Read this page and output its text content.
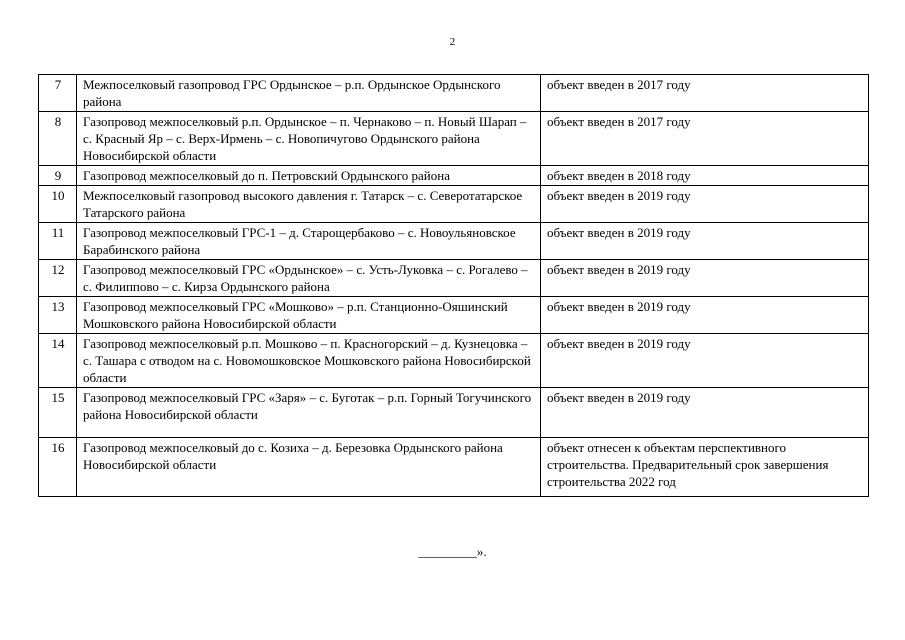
2
7	Межпоселковый газопровод ГРС Ордынское – р.п. Ордынское Ордынского района	объект введен в 2017 году
8	Газопровод межпоселковый р.п. Ордынское – п. Чернаково – п. Новый Шарап – с. Красный Яр – с. Верх-Ирмень – с. Новопичугово Ордынского района Новосибирской области	объект введен в 2017 году
9	Газопровод межпоселковый до п. Петровский Ордынского района	объект введен в 2018 году
10	Межпоселковый газопровод высокого давления г. Татарск – с. Северотатарское Татарского района	объект введен в 2019 году
11	Газопровод межпоселковый ГРС-1 – д. Старощербаково – с. Новоульяновское Барабинского района	объект введен в 2019 году
12	Газопровод межпоселковый ГРС «Ордынское» – с. Усть-Луковка – с. Рогалево – с. Филиппово – с. Кирза Ордынского района	объект введен в 2019 году
13	Газопровод межпоселковый ГРС «Мошково» – р.п. Станционно-Ояшинский Мошковского района Новосибирской области	объект введен в 2019 году
14	Газопровод межпоселковый р.п. Мошково – п. Красногорский – д. Кузнецовка – с. Ташара с отводом на с. Новомошковское Мошковского района Новосибирской области	объект введен в 2019 году
15	Газопровод межпоселковый ГРС «Заря» – с. Буготак – р.п. Горный Тогучинского района Новосибирской области	объект введен в 2019 году
16	Газопровод межпоселковый до с. Козиха – д. Березовка Ордынского района Новосибирской области	объект отнесен к объектам перспективного строительства. Предварительный срок завершения строительства 2022 год
_________».
